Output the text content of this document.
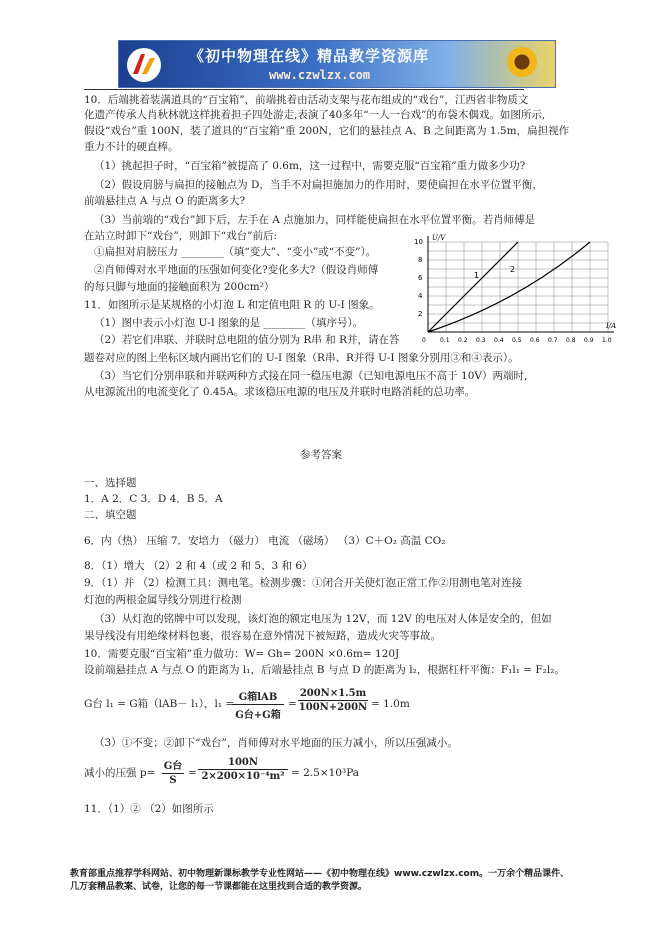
《初中物理在线》精品教学资源库
www.czwlzx.com
10．后端挑着装满道具的“百宝箱”，前端挑着由活动支架与花布组成的“戏台”，江西省非物质文
化遗产传承人肖秋林就这样挑着担子四处游走,表演了40多年“一人一台戏”的布袋木偶戏。如图所示,
假设“戏台”重 100N，装了道具的“百宝箱”重 200N，它们的悬挂点 A、B 之间距离为 1.5m，扁担视作
重力不计的硬直棒。
（1）挑起担子时，“百宝箱”被提高了 0.6m，这一过程中，需要克服“百宝箱”重力做多少功?
（2）假设肩膀与扁担的接触点为 D，当手不对扁担施加力的作用时，要使扁担在水平位置平衡，
前端悬挂点 A 与点 O 的距离多大?
（3）当前端的“戏台”卸下后，左手在 A 点施加力，同样能使扁担在水平位置平衡。若肖师傅是
在站立时卸下“戏台”，则卸下“戏台”前后:
①扁担对肩膀压力 ________（填“变大”、“变小”或“不变”）。
②肖师傅对水平地面的压强如何变化?变化多大?（假设肖师傅
的每只脚与地面的接触面积为 200cm²）
11．如图所示是某规格的小灯泡 L 和定值电阻 R 的 U-I 图象。
（1）图中表示小灯泡 U-I 图象的是 ________（填序号）。
（2）若它们串联、并联时总电阻的值分别为 R串 和 R并，请在答
题卷对应的图上坐标区域内画出它们的 U-I 图象（R串、R并得 U-I 图象分别用③和④表示）。
（3）当它们分别串联和并联两种方式接在同一稳压电源（已知电源电压不高于 10V）两端时,
从电源流出的电流变化了 0.45A。求该稳压电源的电压及并联时电路消耗的总功率。
U/V
I/A
2
4
6
8
10
0 0.1 0.2 0.3 0.4 0.5 0.6 0.7 0.8 0.9 1.0
1
2
参考答案
一、选择题
1．A 2．C 3．D 4．B 5．A
二、填空题
6．内（热） 压缩 7．安培力 （磁力） 电流 （磁场） （3）C＋O₂ 高温 CO₂
8．（1）增大 （2）2 和 4（或 2 和 5、3 和 6）
9．（1）并 （2）检测工具：测电笔。检测步骤：①闭合开关使灯泡正常工作②用测电笔对连接
灯泡的两根金属导线分别进行检测
（3）从灯泡的铭牌中可以发现，该灯泡的额定电压为 12V，而 12V 的电压对人体是安全的，但如
果导线没有用绝缘材料包裹，很容易在意外情况下被短路，造成火灾等事故。
10．需要克服“百宝箱”重力做功：W= Gh= 200N ×0.6m= 120J
设前端悬挂点 A 与点 O 的距离为 l₁，后端悬挂点 B 与点 D 的距离为 l₂，根据杠杆平衡：F₁l₁ = F₂l₂。
G台 l₁ = G箱（lAB－ l₁），l₁ =
G箱lAB
G台+G箱
=
200N×1.5m
100N+200N = 1.0m
（3）①不变；②卸下“戏台”，肖师傅对水平地面的压力减小，所以压强减小。
减小的压强 p=
G台
S
=
100N
2×200×10⁻⁴m² = 2.5×10³Pa
11．（1）② （2）如图所示
教育部重点推荐学科网站、初中物理新课标教学专业性网站——《初中物理在线》www.czwlzx.com。一万余个精品课件、
几万套精品教案、试卷，让您的每一节课都能在这里找到合适的教学资源。
